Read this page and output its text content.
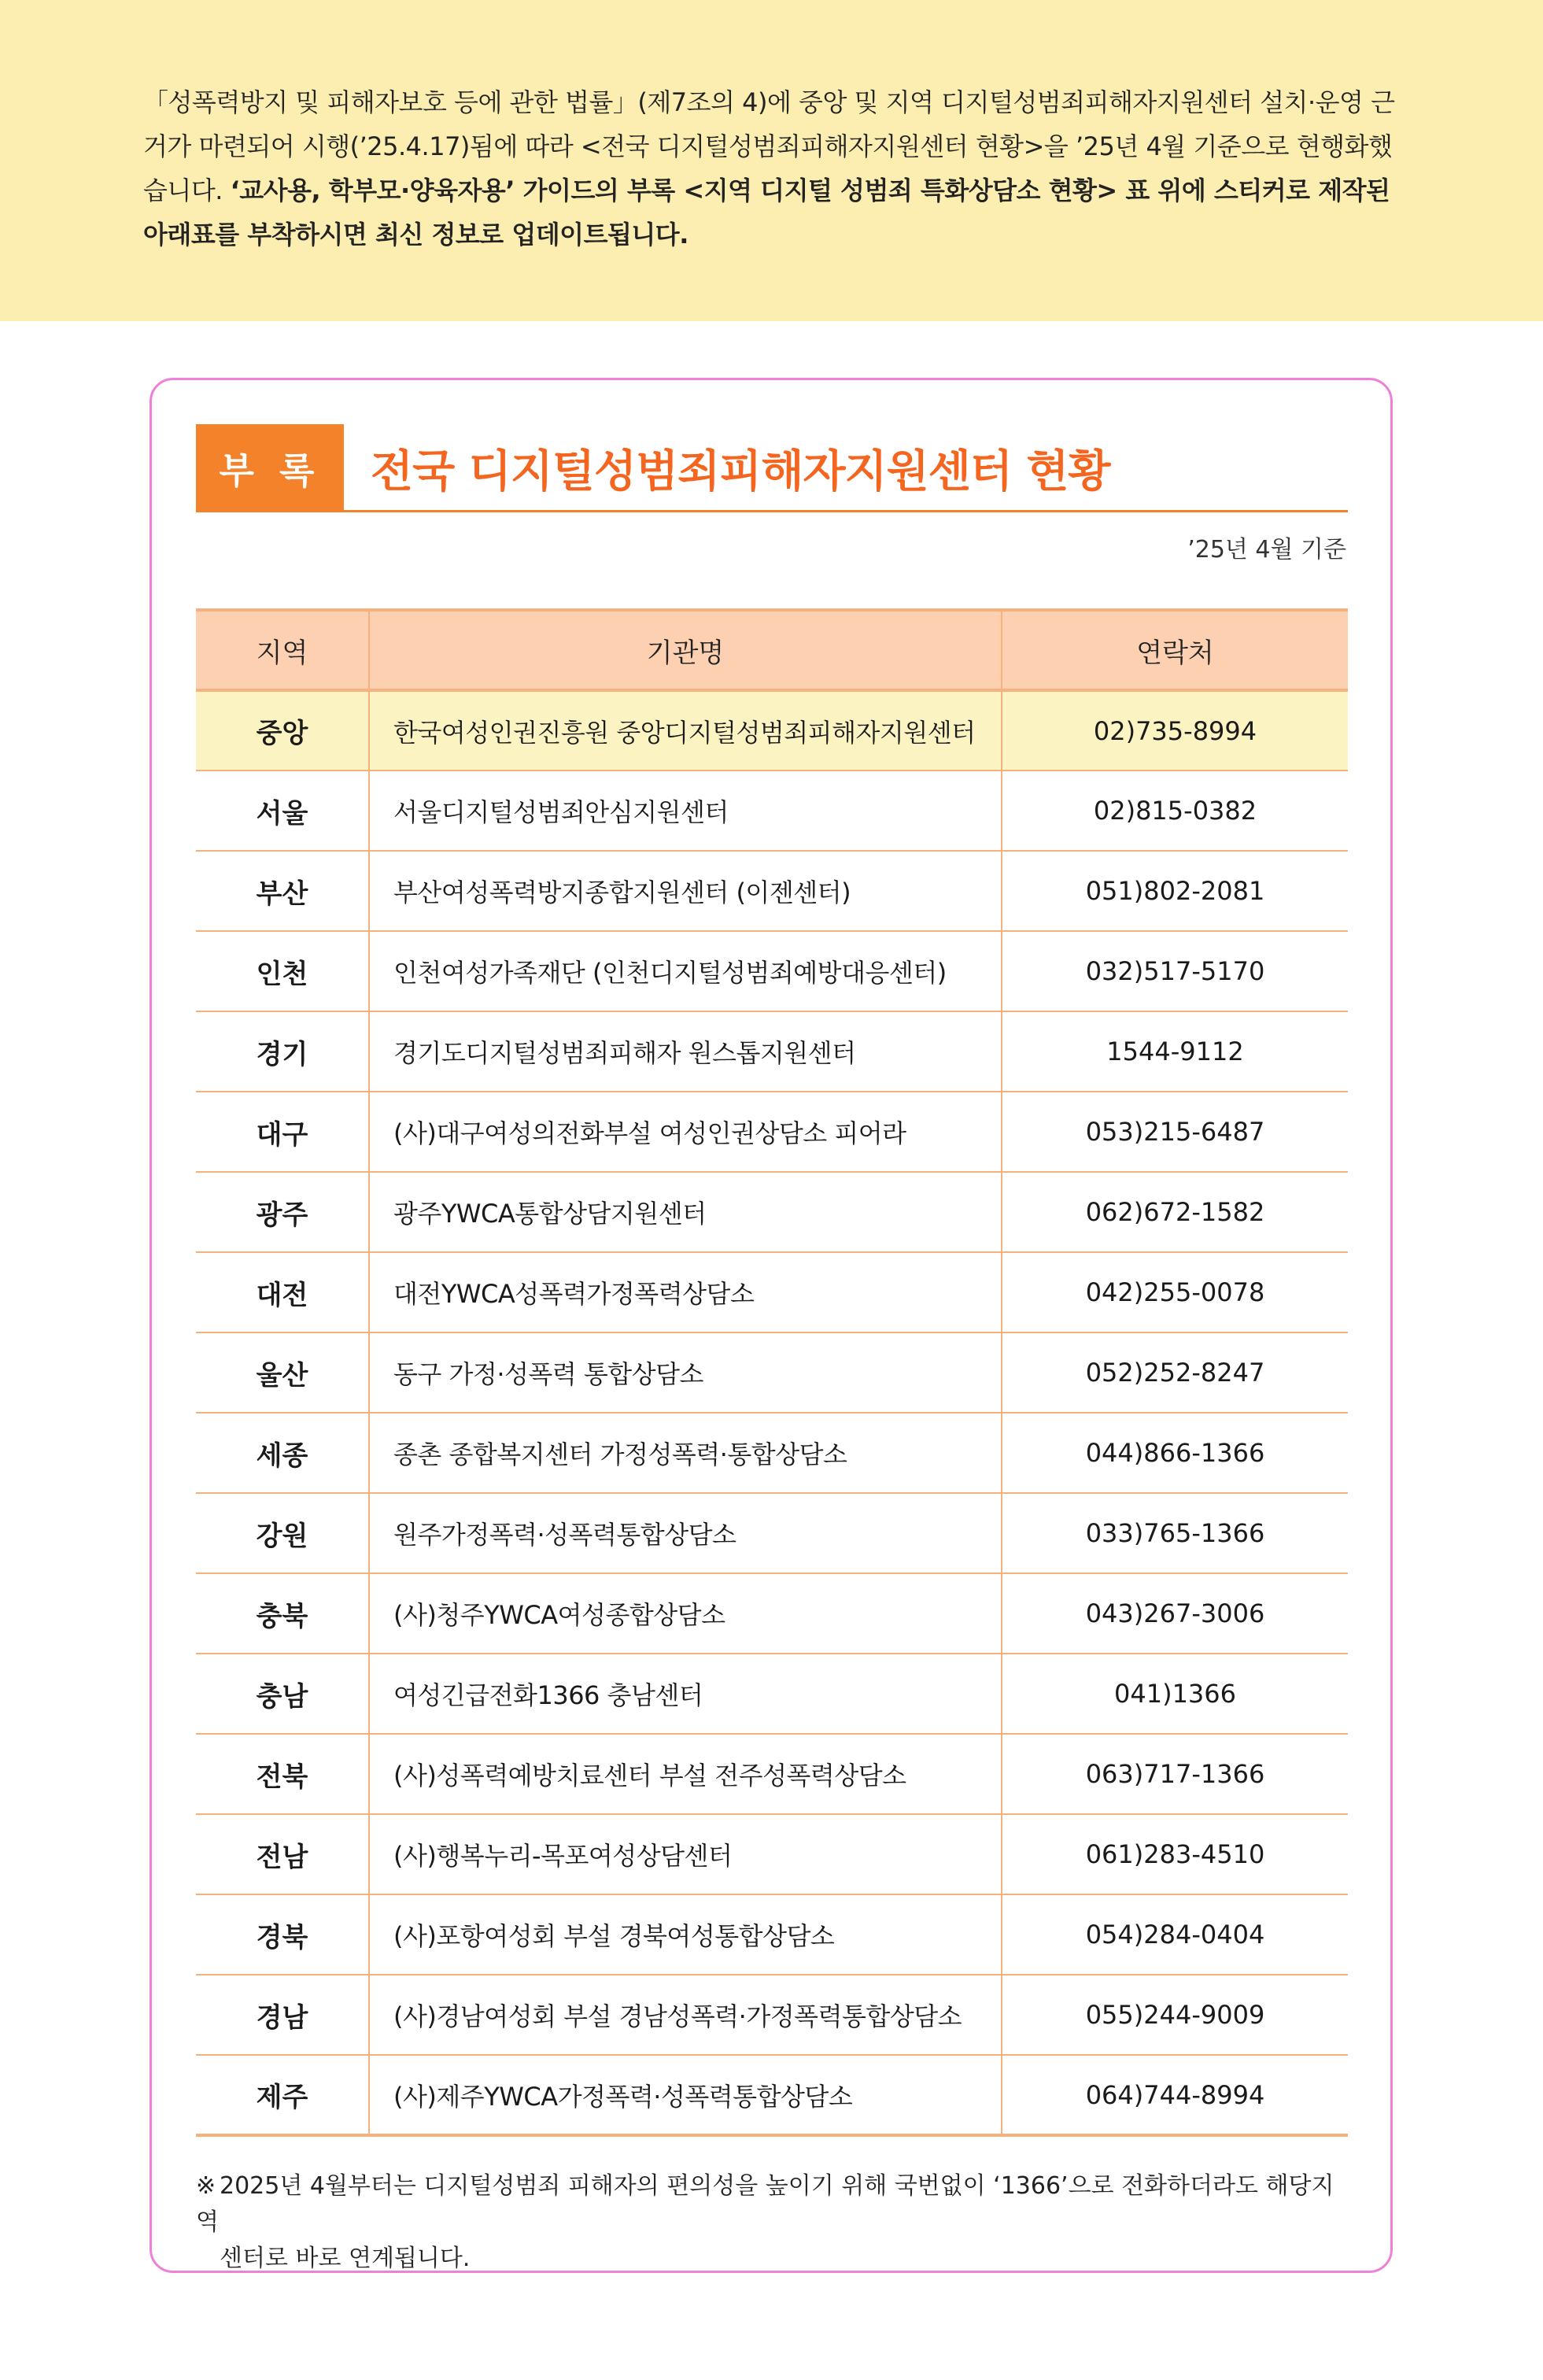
「성폭력방지 및 피해자보호 등에 관한 법률」(제7조의 4)에 중앙 및 지역 디지털성범죄피해자지원센터 설치·운영 근거가 마련되어 시행(’25.4.17)됨에 따라 <전국 디지털성범죄피해자지원센터 현황>을 ’25년 4월 기준으로 현행화했습니다. ‘교사용, 학부모·양육자용’ 가이드의 부록 <지역 디지털 성범죄 특화상담소 현황> 표 위에 스티커로 제작된 아래표를 부착하시면 최신 정보로 업데이트됩니다.
부 록	전국 디지털성범죄피해자지원센터 현황
’25년 4월 기준
지역	기관명	연락처
중앙	한국여성인권진흥원 중앙디지털성범죄피해자지원센터	02)735-8994
서울	서울디지털성범죄안심지원센터	02)815-0382
부산	부산여성폭력방지종합지원센터 (이젠센터)	051)802-2081
인천	인천여성가족재단 (인천디지털성범죄예방대응센터)	032)517-5170
경기	경기도디지털성범죄피해자 원스톱지원센터	1544-9112
대구	(사)대구여성의전화부설 여성인권상담소 피어라	053)215-6487
광주	광주YWCA통합상담지원센터	062)672-1582
대전	대전YWCA성폭력가정폭력상담소	042)255-0078
울산	동구 가정·성폭력 통합상담소	052)252-8247
세종	종촌 종합복지센터 가정성폭력·통합상담소	044)866-1366
강원	원주가정폭력·성폭력통합상담소	033)765-1366
충북	(사)청주YWCA여성종합상담소	043)267-3006
충남	여성긴급전화1366 충남센터	041)1366
전북	(사)성폭력예방치료센터 부설 전주성폭력상담소	063)717-1366
전남	(사)행복누리-목포여성상담센터	061)283-4510
경북	(사)포항여성회 부설 경북여성통합상담소	054)284-0404
경남	(사)경남여성회 부설 경남성폭력·가정폭력통합상담소	055)244-9009
제주	(사)제주YWCA가정폭력·성폭력통합상담소	064)744-8994
※ 2025년 4월부터는 디지털성범죄 피해자의 편의성을 높이기 위해 국번없이 ‘1366’으로 전화하더라도 해당지역
센터로 바로 연계됩니다.
